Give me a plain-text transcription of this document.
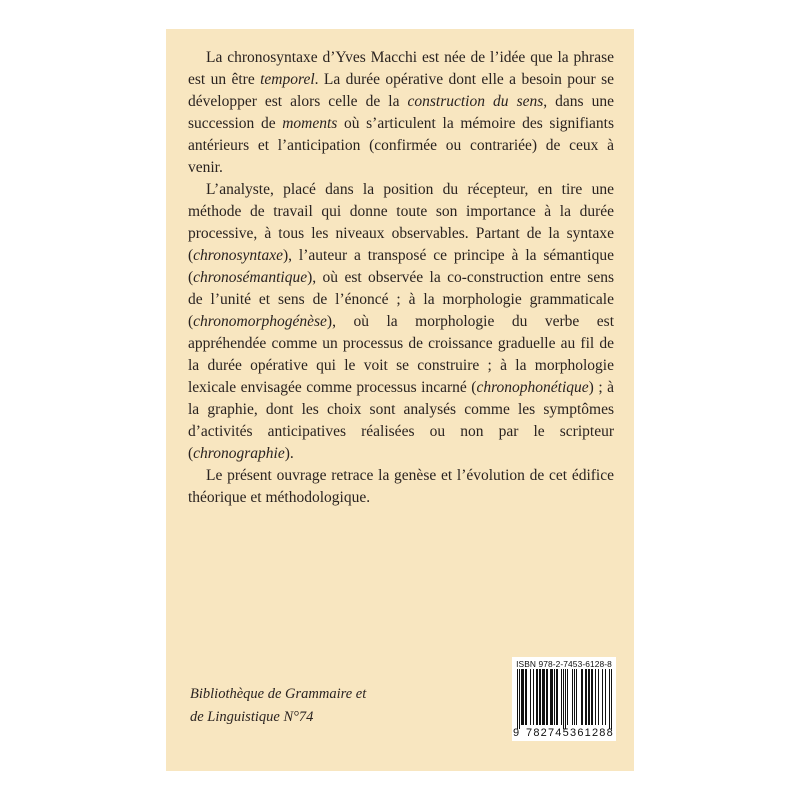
La chronosyntaxe d’Yves Macchi est née de l’idée que la phrase est un être temporel. La durée opérative dont elle a besoin pour se développer est alors celle de la construction du sens, dans une succession de moments où s’articulent la mémoire des signifiants antérieurs et l’anticipation (confirmée ou contrariée) de ceux à venir.

L’analyste, placé dans la position du récepteur, en tire une méthode de travail qui donne toute son importance à la durée processive, à tous les niveaux observables. Partant de la syntaxe (chronosyntaxe), l’auteur a transposé ce principe à la sémantique (chronosémantique), où est observée la co-construction entre sens de l’unité et sens de l’énoncé ; à la morphologie grammaticale (chronomorphogénèse), où la morphologie du verbe est appréhendée comme un processus de croissance graduelle au fil de la durée opérative qui le voit se construire ; à la morphologie lexicale envisagée comme processus incarné (chronophonétique) ; à la graphie, dont les choix sont analysés comme les symptômes d’activités anticipatives réalisées ou non par le scripteur (chronographie).

Le présent ouvrage retrace la genèse et l’évolution de cet édifice théorique et méthodologique.

Bibliothèque de Grammaire et
de Linguistique N°74
ISBN 978-2-7453-6128-8
9 782745 361288
